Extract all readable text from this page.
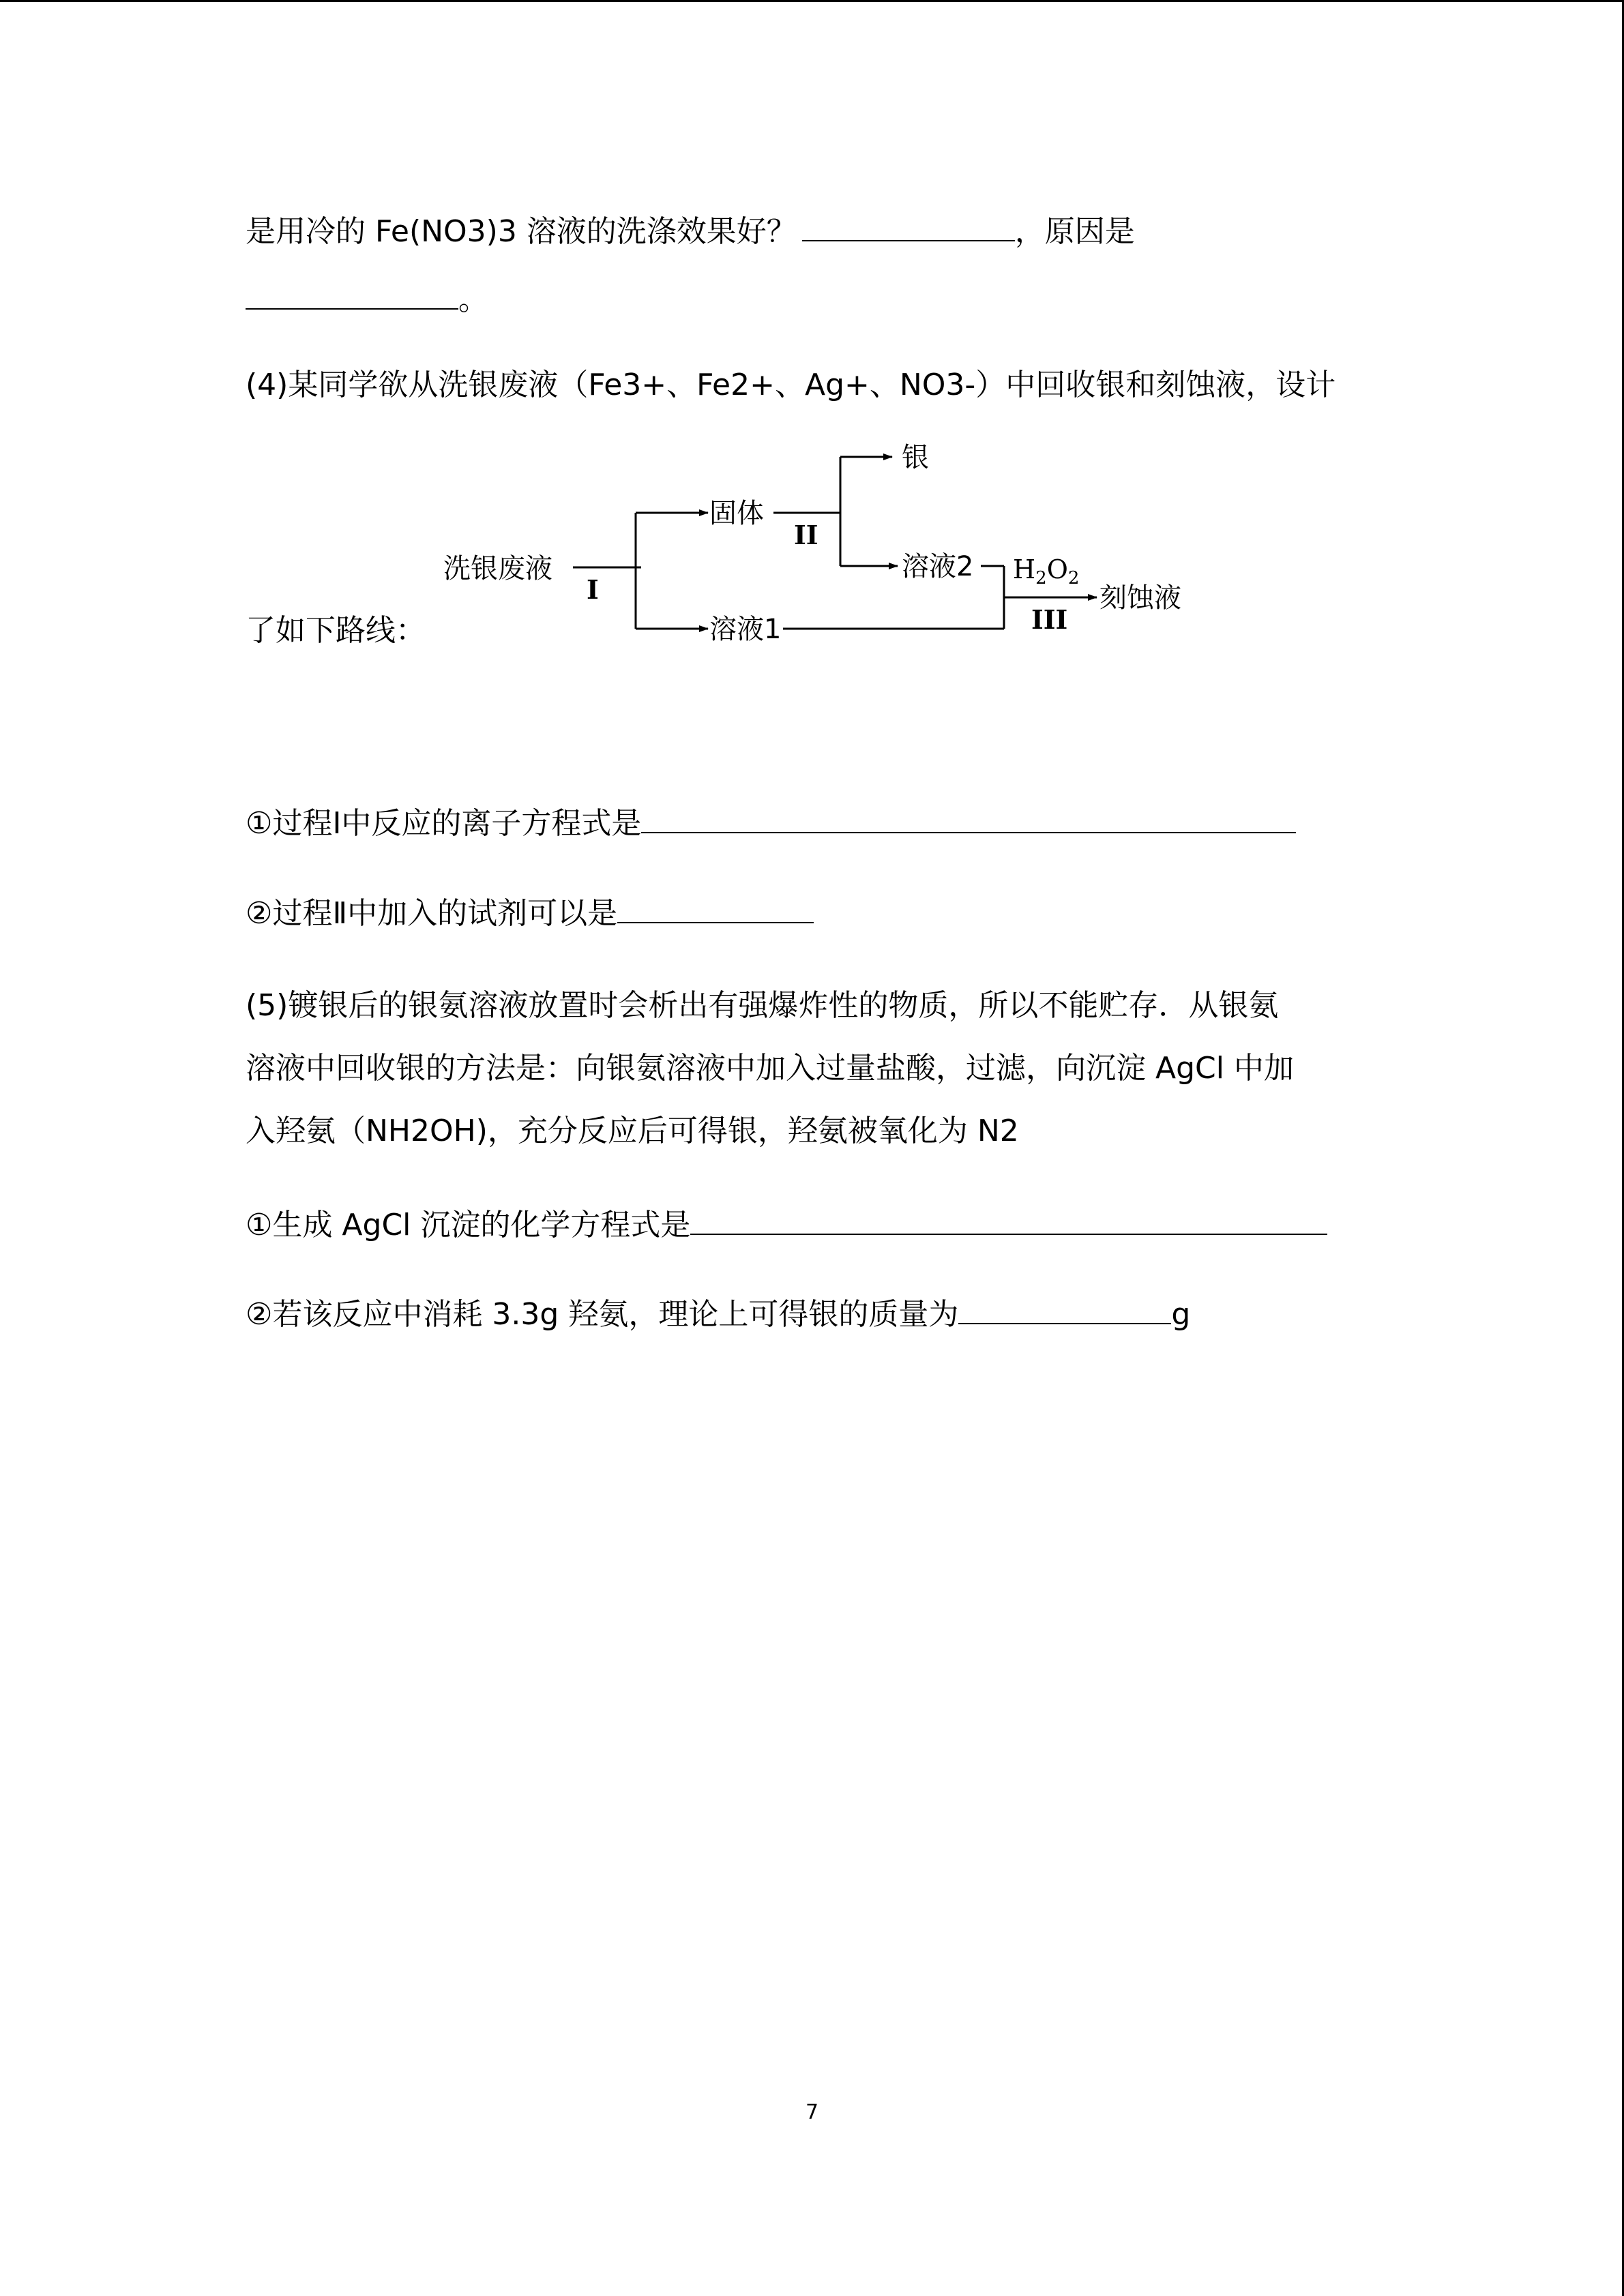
是用冷的 Fe(NO3)3 溶液的洗涤效果好？	，原因是
。
(4)某同学欲从洗银废液（Fe3+、Fe2+、Ag+、NO3-）中回收银和刻蚀液，设计
洗银废液
固体
银
溶液2
溶液1
刻蚀液
$H_2O_2$
I
II
III
了如下路线：
①过程Ⅰ中反应的离子方程式是
②过程Ⅱ中加入的试剂可以是
(5)镀银后的银氨溶液放置时会析出有强爆炸性的物质，所以不能贮存．从银氨
溶液中回收银的方法是：向银氨溶液中加入过量盐酸，过滤，向沉淀 AgCl 中加
入羟氨（NH2OH)，充分反应后可得银，羟氨被氧化为 N2
①生成 AgCl 沉淀的化学方程式是
②若该反应中消耗 3.3g 羟氨，理论上可得银的质量为	g
7
